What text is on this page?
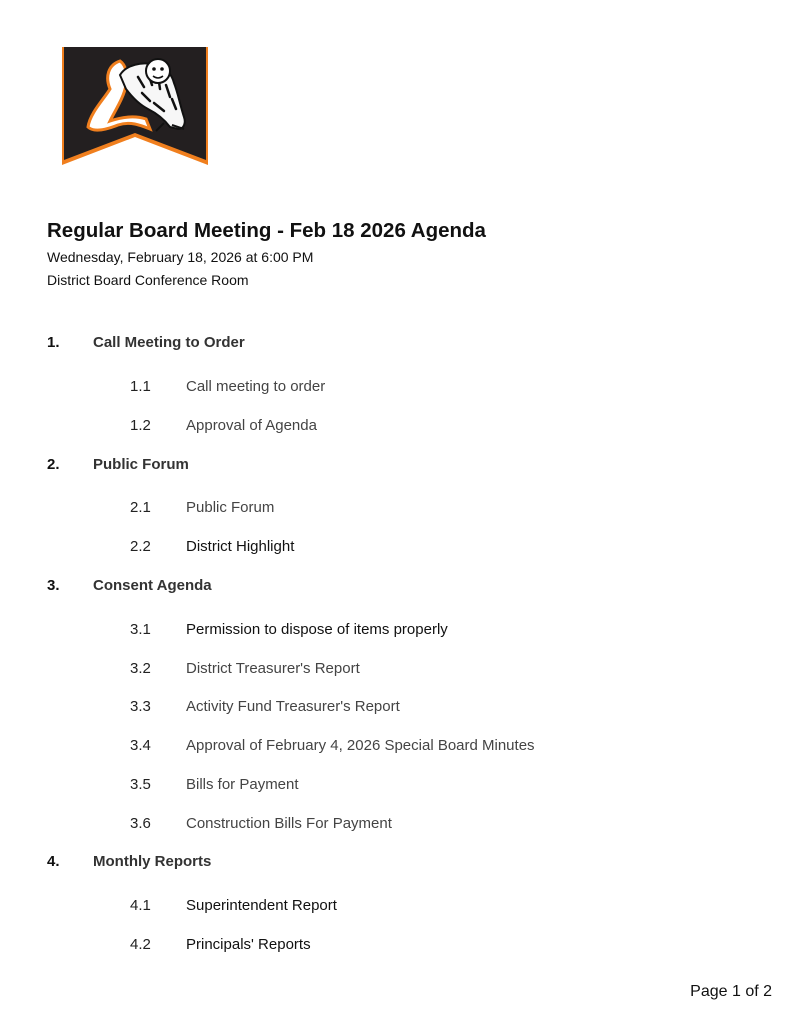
Regular Board Meeting - Feb 18 2026 Agenda

Wednesday, February 18, 2026 at 6:00 PM

District Board Conference Room

1. Call Meeting to Order
1.1 Call meeting to order
1.2 Approval of Agenda
2. Public Forum
2.1 Public Forum
2.2 District Highlight
3. Consent Agenda
3.1 Permission to dispose of items properly
3.2 District Treasurer's Report
3.3 Activity Fund Treasurer's Report
3.4 Approval of February 4, 2026 Special Board Minutes
3.5 Bills for Payment
3.6 Construction Bills For Payment
4. Monthly Reports
4.1 Superintendent Report
4.2 Principals' Reports
Page 1 of 2
